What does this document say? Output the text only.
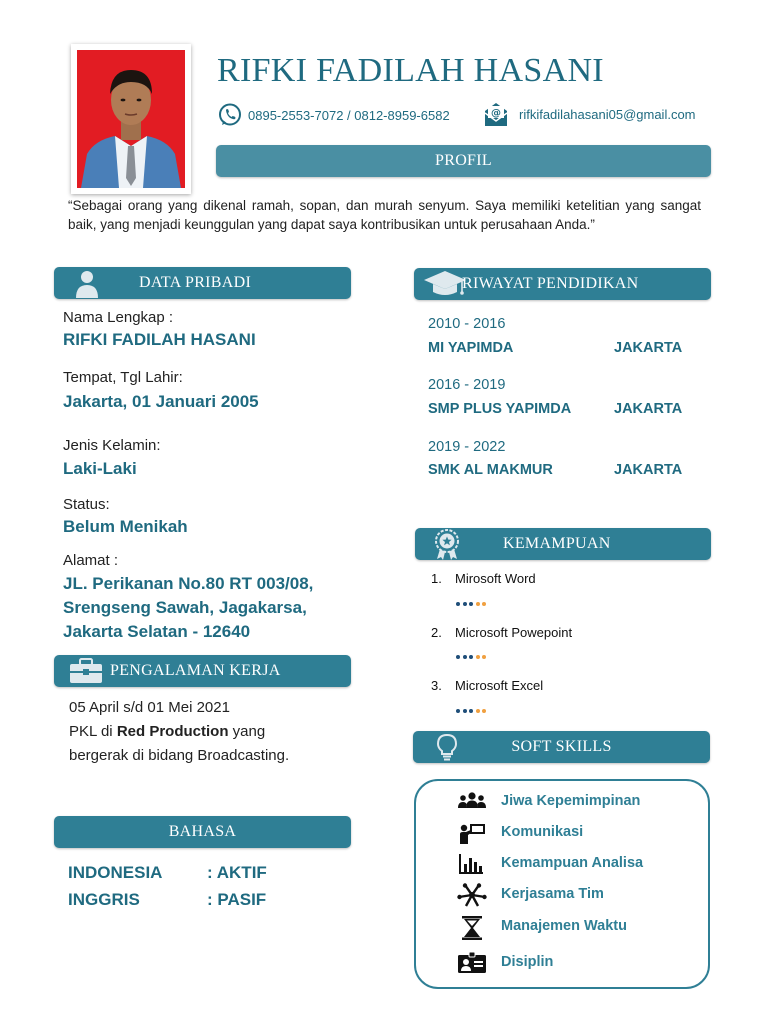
RIFKI FADILAH HASANI
0895-2553-7072 / 0812-8959-6582	@ rifkifadilahasani05@gmail.com
PROFIL
“Sebagai orang yang dikenal ramah, sopan, dan murah senyum. Saya memiliki ketelitian yang sangat baik, yang menjadi keunggulan yang dapat saya kontribusikan untuk perusahaan Anda.”
DATA PRIBADI
Nama Lengkap :
RIFKI FADILAH HASANI
Tempat, Tgl Lahir:
Jakarta, 01 Januari 2005
Jenis Kelamin:
Laki-Laki
Status:
Belum Menikah
Alamat :
JL. Perikanan No.80 RT 003/08,
Srengseng Sawah, Jagakarsa,
Jakarta Selatan - 12640
PENGALAMAN KERJA
05 April s/d 01 Mei 2021
PKL di Red Production yang
bergerak di bidang Broadcasting.
BAHASA
INDONESIA	: AKTIF
INGGRIS	: PASIF
RIWAYAT PENDIDIKAN
2010 - 2016
MI YAPIMDA	JAKARTA
2016 - 2019
SMP PLUS YAPIMDA	JAKARTA
2019 - 2022
SMK AL MAKMUR	JAKARTA
KEMAMPUAN
1. Mirosoft Word
2. Microsoft Powepoint
3. Microsoft Excel
SOFT SKILLS
Jiwa Kepemimpinan
Komunikasi
Kemampuan Analisa
Kerjasama Tim
Manajemen Waktu
Disiplin
